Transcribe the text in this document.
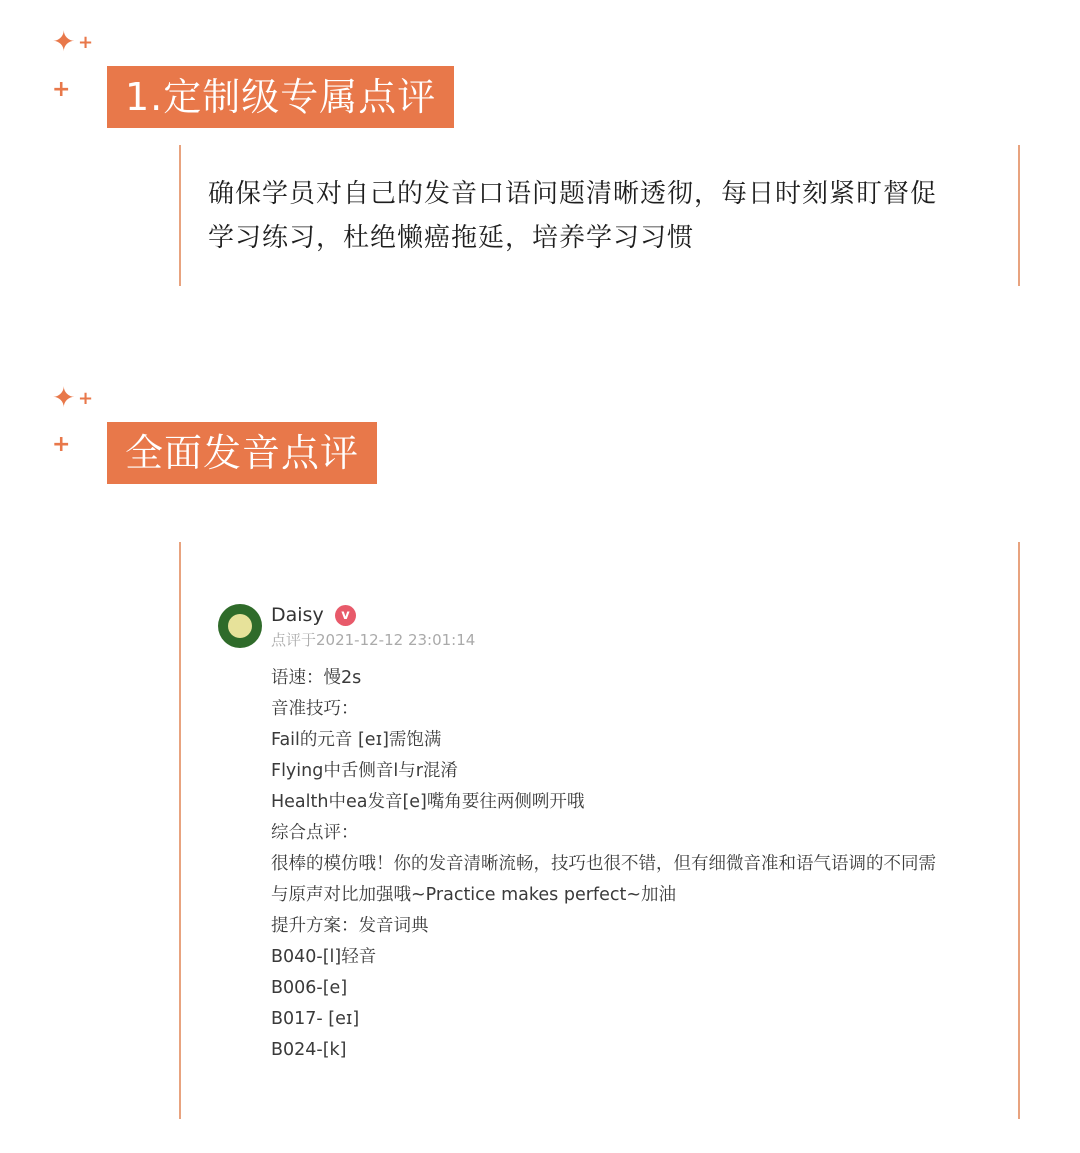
✦ +
+	1.定制级专属点评
确保学员对自己的发音口语问题清晰透彻，每日时刻紧盯督促
学习练习，杜绝懒癌拖延，培养学习习惯
✦ +
+	全面发音点评
Daisy	v
点评于2021-12-12 23:01:14
语速：慢2s
音准技巧：
Fail的元音 [eɪ]需饱满
Flying中舌侧音l与r混淆
Health中ea发音[e]嘴角要往两侧咧开哦
综合点评：
很棒的模仿哦！你的发音清晰流畅，技巧也很不错，但有细微音准和语气语调的不同需
与原声对比加强哦~Practice makes perfect~加油
提升方案：发音词典
B040-[l]轻音
B006-[e]
B017- [eɪ]
B024-[k]
